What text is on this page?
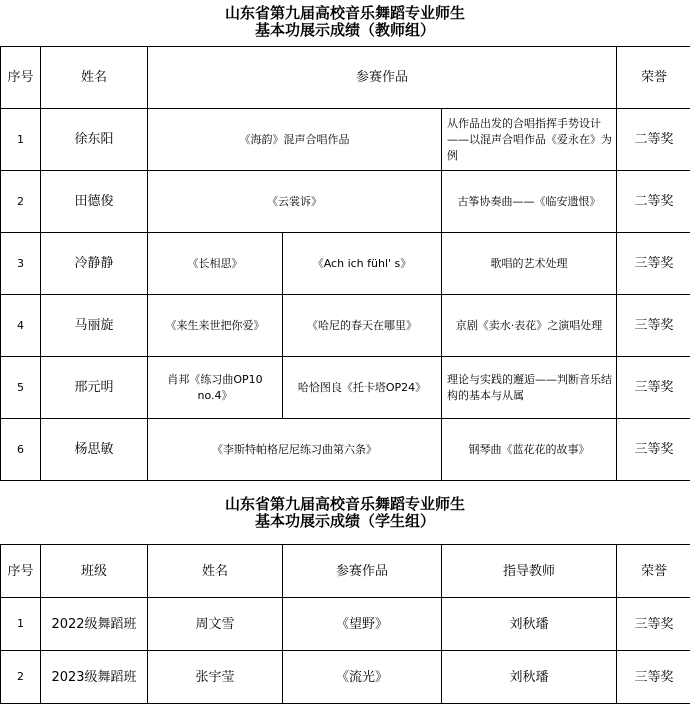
山东省第九届高校音乐舞蹈专业师生
基本功展示成绩（教师组）
序号	姓名	参赛作品			荣誉
1	徐东阳	《海韵》混声合唱作品		从作品出发的合唱指挥手势设计——以混声合唱作品《爱永在》为例	二等奖
2	田德俊	《云裳诉》		古筝协奏曲——《临安遗恨》	二等奖
3	冷静静	《长相思》	《Ach ich fühl' s》	歌唱的艺术处理	三等奖
4	马丽旋	《来生来世把你爱》	《哈尼的春天在哪里》	京剧《卖水·表花》之演唱处理	三等奖
5	邢元明	肖邦《练习曲OP10 no.4》	哈恰图良《托卡塔OP24》	理论与实践的邂逅——判断音乐结构的基本与从属	三等奖
6	杨思敏	《李斯特帕格尼尼练习曲第六条》		钢琴曲《蓝花花的故事》	三等奖
山东省第九届高校音乐舞蹈专业师生
基本功展示成绩（学生组）
序号	班级	姓名	参赛作品	指导教师	荣誉
1	2022级舞蹈班	周文雪	《望野》	刘秋璠	三等奖
2	2023级舞蹈班	张宇莹	《流光》	刘秋璠	三等奖
